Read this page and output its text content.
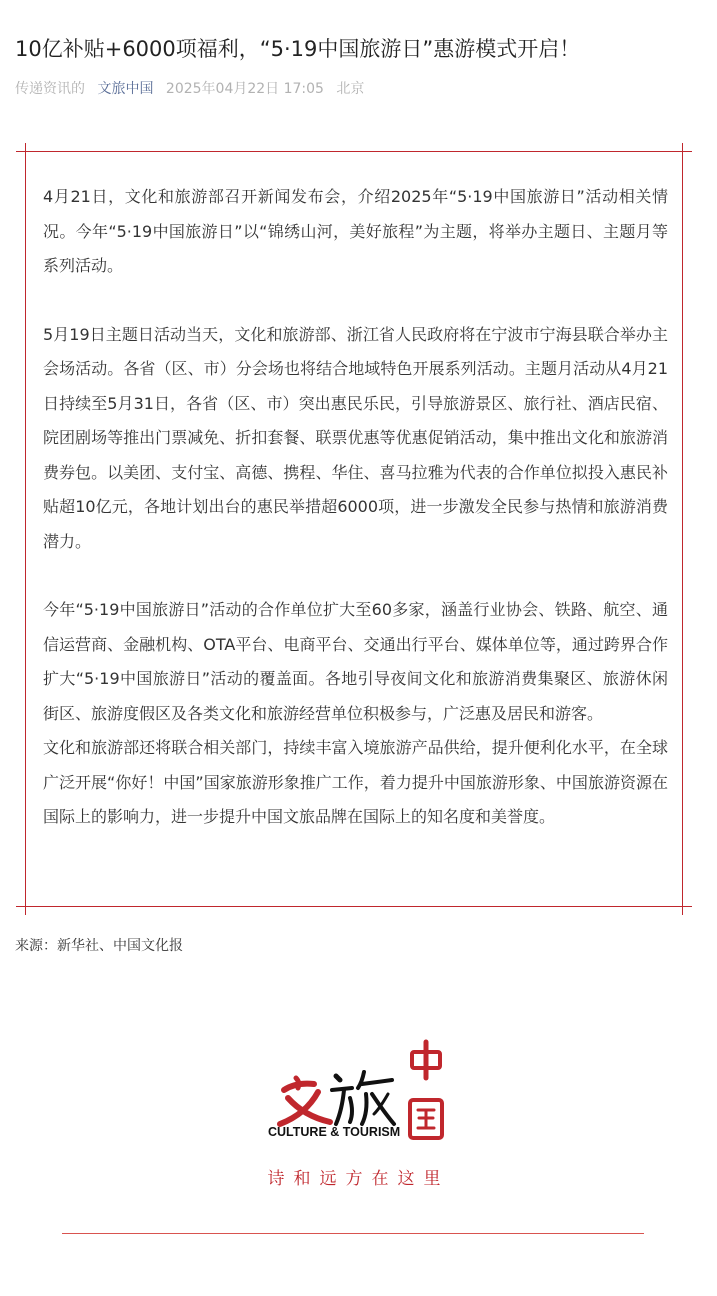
10亿补贴+6000项福利，“5·19中国旅游日”惠游模式开启！
传递资讯的 文旅中国 2025年04月22日 17:05 北京

4月21日，文化和旅游部召开新闻发布会，介绍2025年“5·19中国旅游日”活动相关情况。今年“5·19中国旅游日”以“锦绣山河，美好旅程”为主题，将举办主题日、主题月等系列活动。

5月19日主题日活动当天，文化和旅游部、浙江省人民政府将在宁波市宁海县联合举办主会场活动。各省（区、市）分会场也将结合地域特色开展系列活动。主题月活动从4月21日持续至5月31日，各省（区、市）突出惠民乐民，引导旅游景区、旅行社、酒店民宿、院团剧场等推出门票减免、折扣套餐、联票优惠等优惠促销活动，集中推出文化和旅游消费券包。以美团、支付宝、高德、携程、华住、喜马拉雅为代表的合作单位拟投入惠民补贴超10亿元，各地计划出台的惠民举措超6000项，进一步激发全民参与热情和旅游消费潜力。

今年“5·19中国旅游日”活动的合作单位扩大至60多家，涵盖行业协会、铁路、航空、通信运营商、金融机构、OTA平台、电商平台、交通出行平台、媒体单位等，通过跨界合作扩大“5·19中国旅游日”活动的覆盖面。各地引导夜间文化和旅游消费集聚区、旅游休闲街区、旅游度假区及各类文化和旅游经营单位积极参与，广泛惠及居民和游客。

文化和旅游部还将联合相关部门，持续丰富入境旅游产品供给，提升便利化水平，在全球广泛开展“你好！中国”国家旅游形象推广工作，着力提升中国旅游形象、中国旅游资源在国际上的影响力，进一步提升中国文旅品牌在国际上的知名度和美誉度。

来源：新华社、中国文化报
CULTURE & TOURISM
诗和远方在这里
